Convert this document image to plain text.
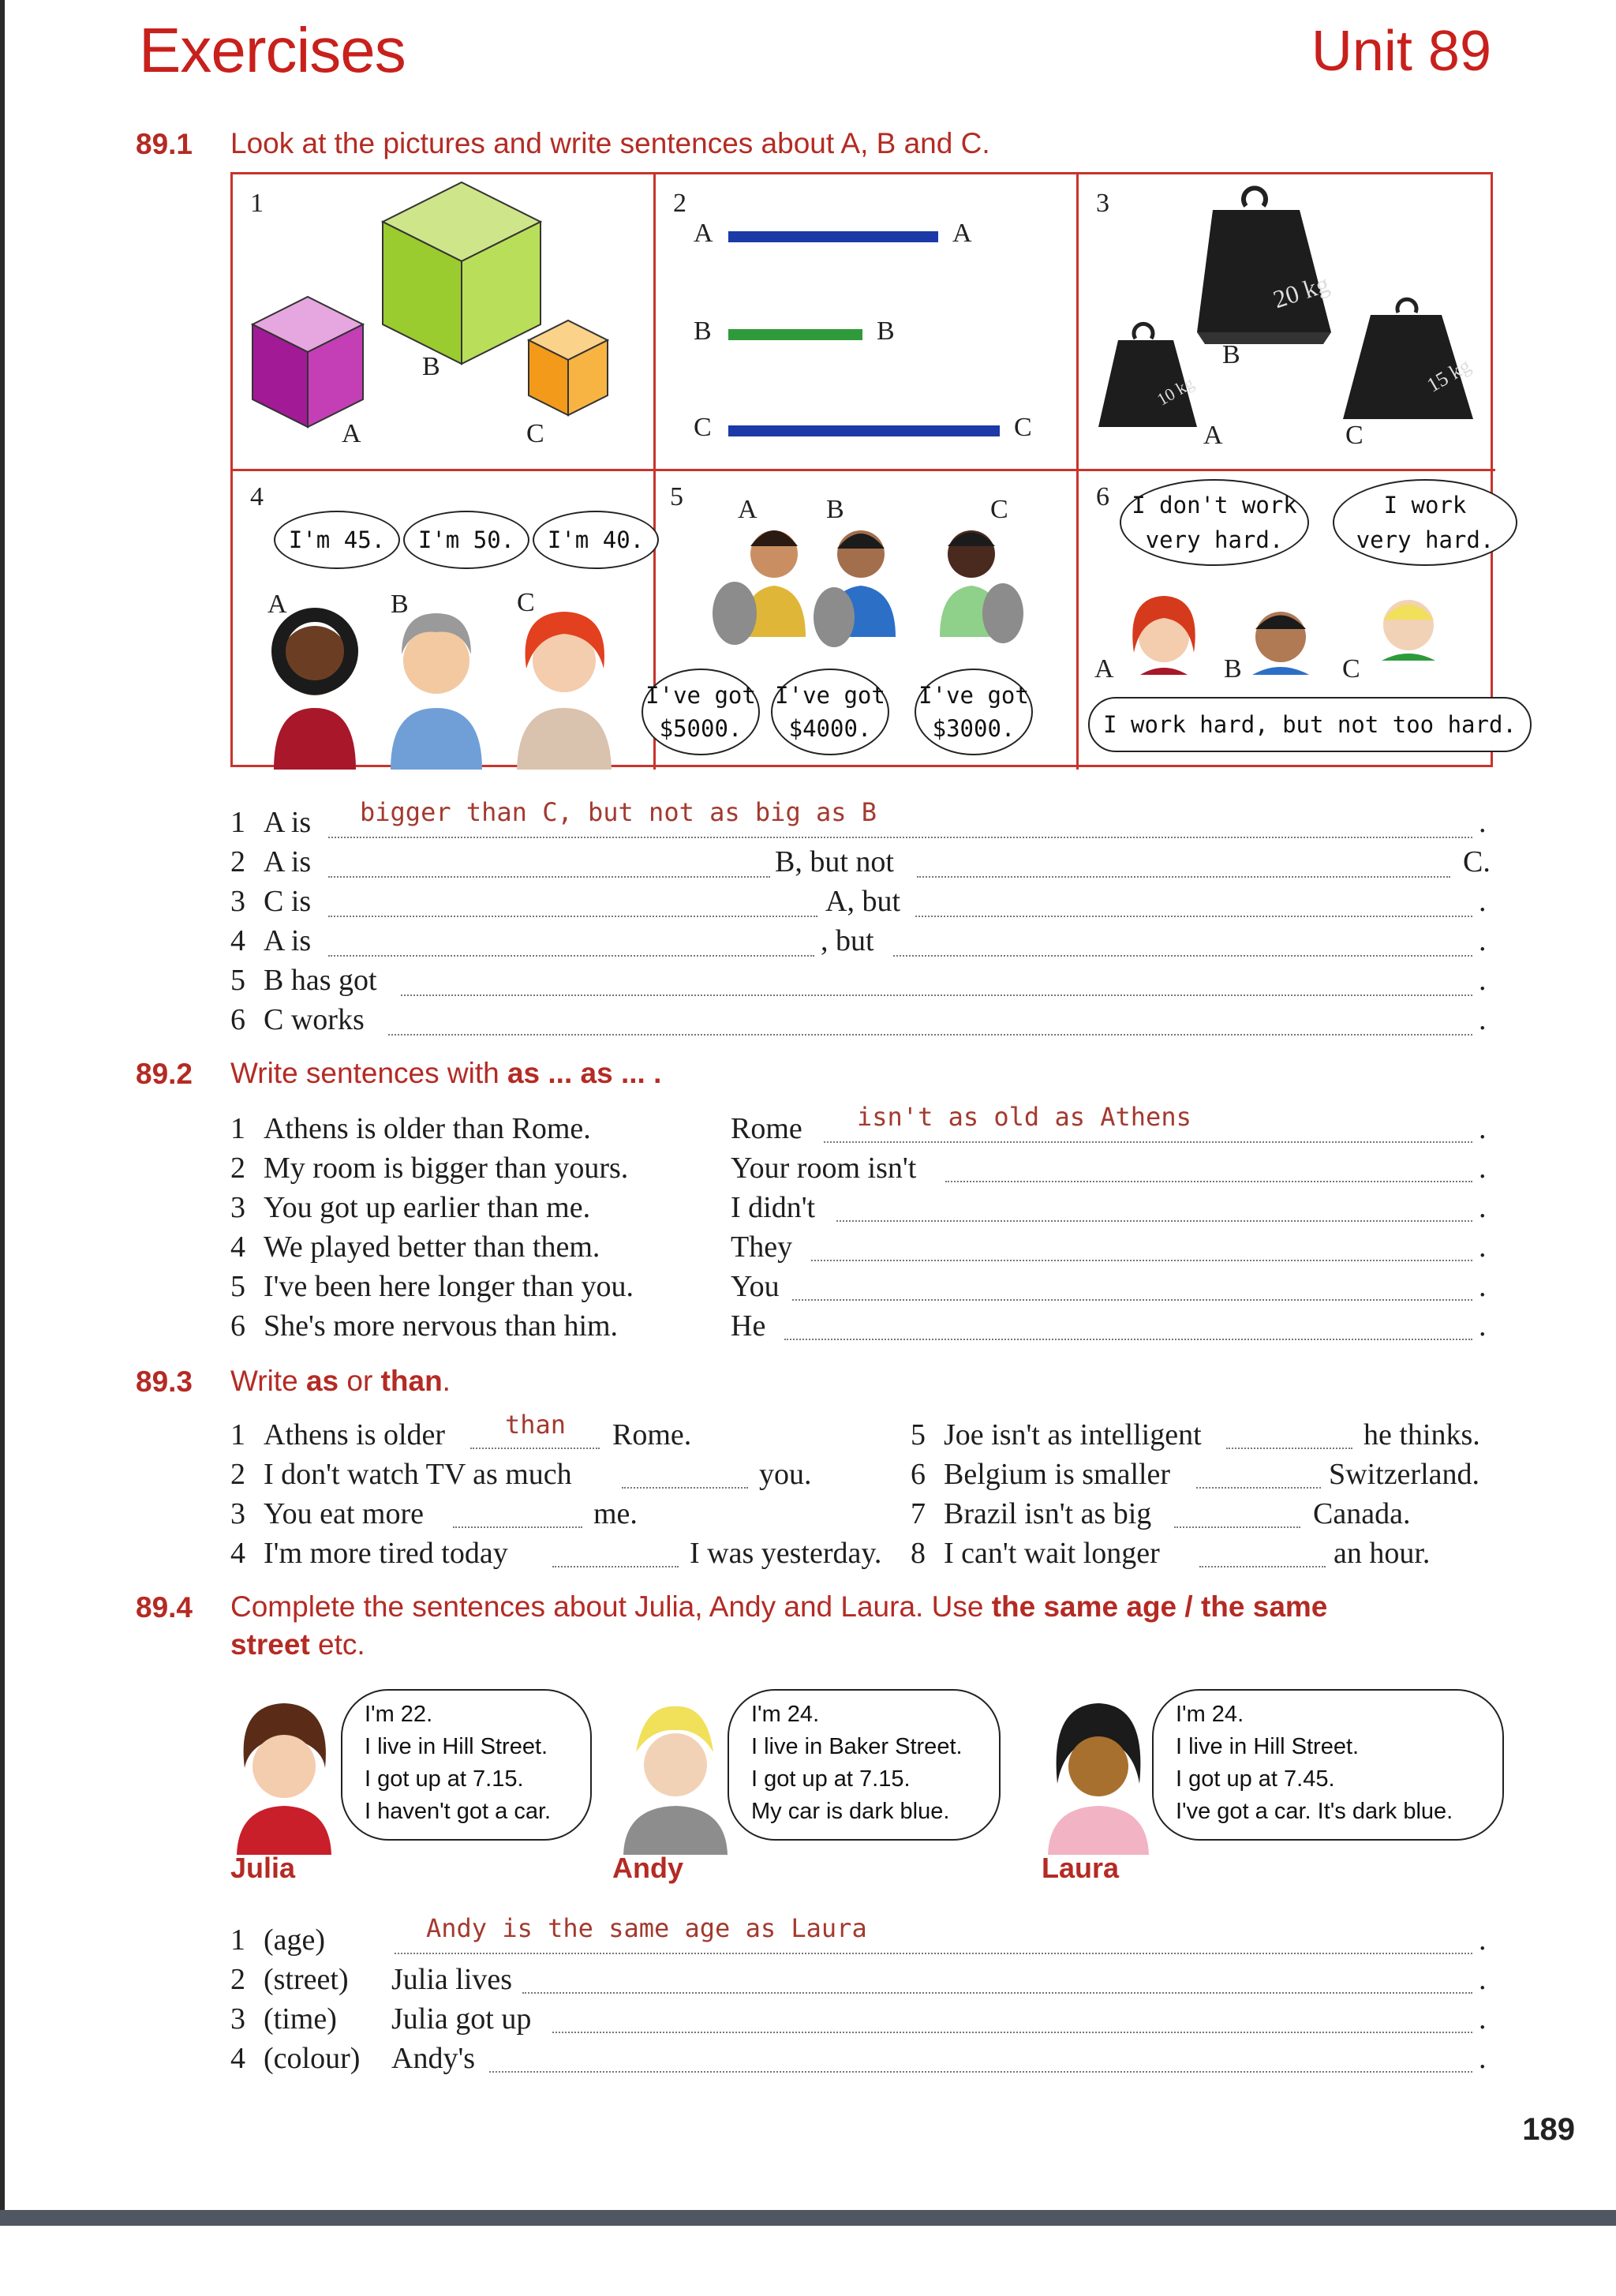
Exercises	Unit 89
89.1 Look at the pictures and write sentences about A, B and C.
1
A
B
C
2
A	A
B	B
C	C
3
20 kg
10 kg	15 kg
A
B
C
4
I'm 45.	I'm 50.	I'm 40.
A	B	C
5 A	B	C
I've got
$5000.
I've got
$4000.
I've got
$3000.
6 I don't work
very hard.
I work
very hard.
A	B	C
I work hard, but not too hard.
1 A is bigger than C, but not as big as B	.
2 A is	B, but not	C.
3 C is	A, but	.
4 A is	, but	.
5 B has got	.
6 C works	.
89.2 Write sentences with as ... as ... .
1 Athens is older than Rome.	Rome isn't as old as Athens	.
2 My room is bigger than yours.	Your room isn't	.
3 You got up earlier than me.	I didn't	.
4 We played better than them.	They	.
5 I've been here longer than you.	You	.
6 She's more nervous than him.	He	.
89.3 Write as or than.
1 Athens is older than Rome.
2 I don't watch TV as much	you.
3 You eat more	me.
4 I'm more tired today	I was yesterday.
5 Joe isn't as intelligent	he thinks.
6 Belgium is smaller	Switzerland.
7 Brazil isn't as big	Canada.
8 I can't wait longer	an hour.
89.4 Complete the sentences about Julia, Andy and Laura. Use the same age / the same
street etc.
I'm 22.
I live in Hill Street.
I got up at 7.15.
I haven't got a car.
Julia
I'm 24.
I live in Baker Street.
I got up at 7.15.
My car is dark blue.
Andy
I'm 24.
I live in Hill Street.
I got up at 7.45.
I've got a car. It's dark blue.
Laura
1 (age)	Andy is the same age as Laura	.
2 (street) Julia lives	.
3 (time) Julia got up	.
4 (colour) Andy's	.
189
